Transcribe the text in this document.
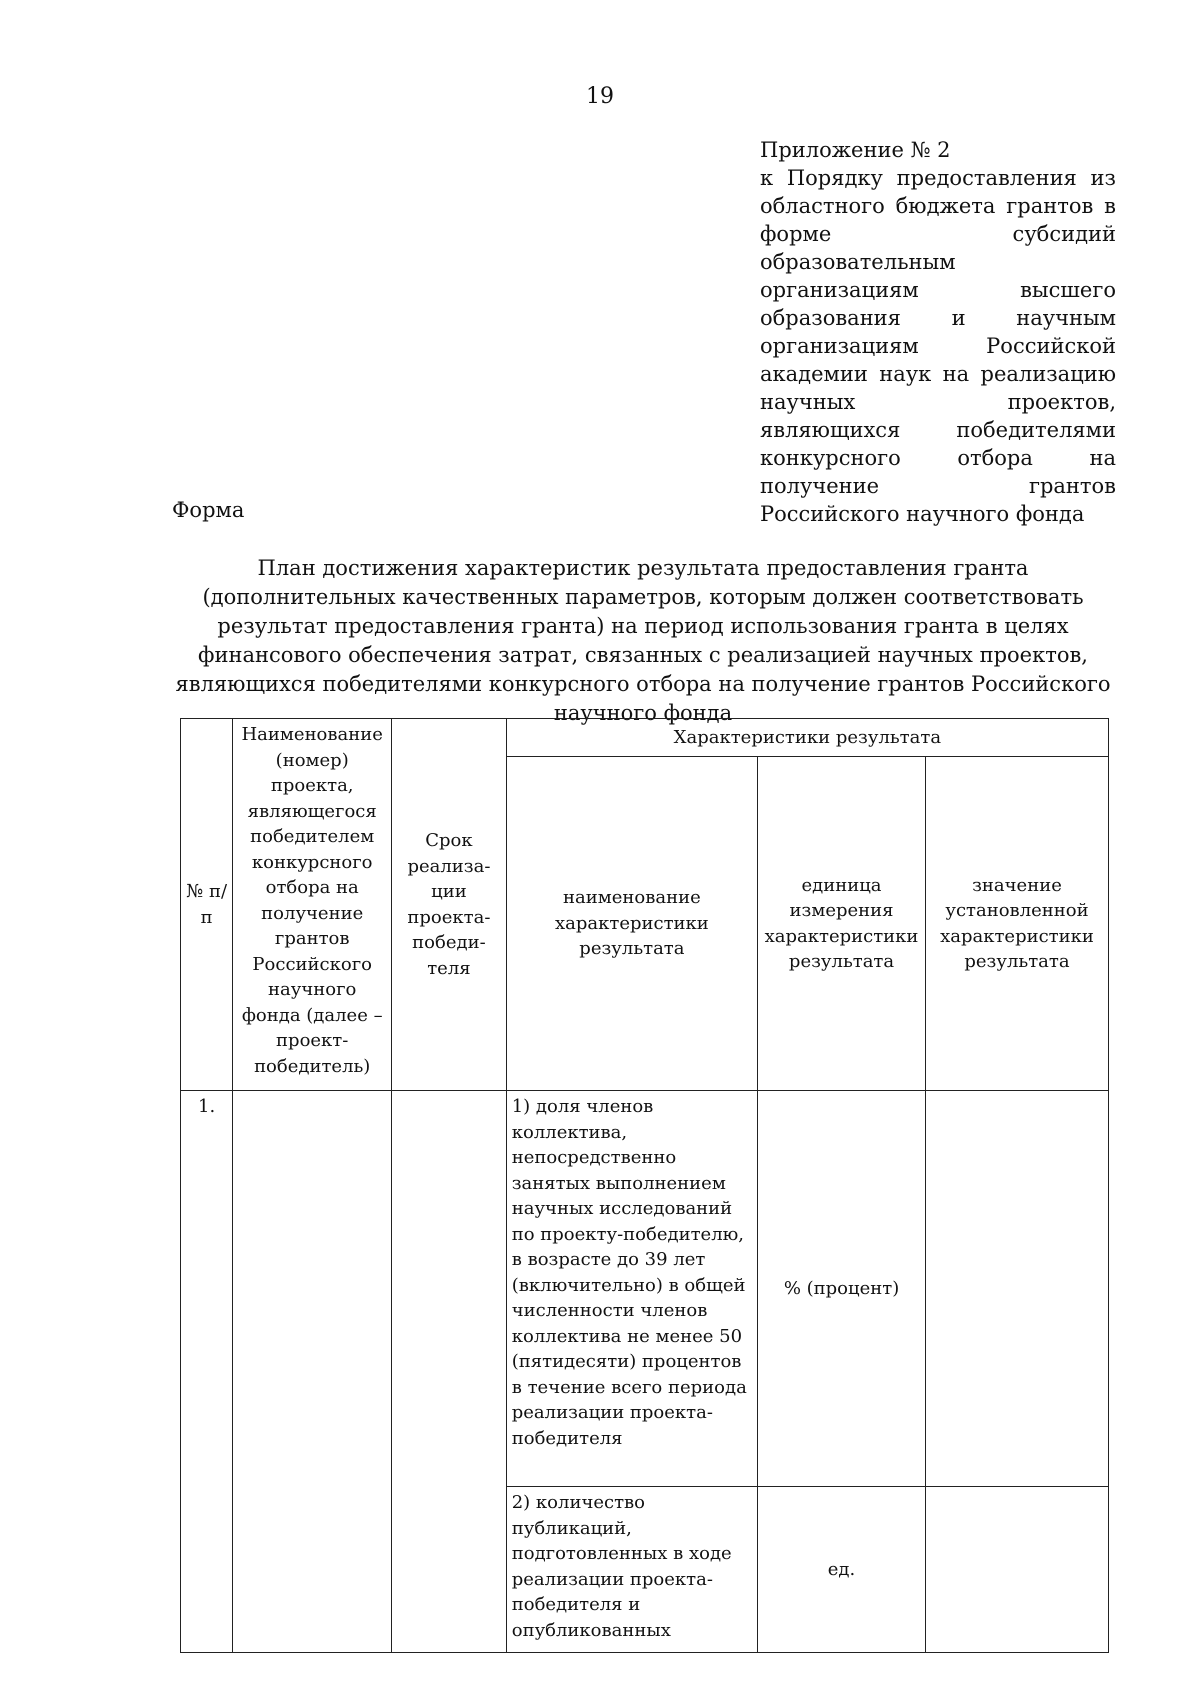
19
Приложение № 2
к Порядку предоставления из областного бюджета грантов в форме субсидий образовательным организациям высшего образования и научным организациям Российской академии наук на реализацию научных проектов, являющихся победителями конкурсного отбора на получение грантов Российского научного фонда
Форма
План достижения характеристик результата предоставления гранта (дополнительных качественных параметров, которым должен соответствовать результат предоставления гранта) на период использования гранта в целях финансового обеспечения затрат, связанных с реализацией научных проектов, являющихся победителями конкурсного отбора на получение грантов Российского научного фонда
№ п/п	Наименование (номер) проекта, являющегося победителем конкурсного отбора на получение грантов Российского научного фонда (далее – проект-победитель)	Срок реализа-ции проекта-победи-теля	Характеристики результата		
			наименование характеристики результата	единица измерения характеристики результата	значение установленной характеристики результата
1.			1) доля членов коллектива, непосредственно занятых выполнением научных исследований по проекту-победителю, в возрасте до 39 лет (включительно) в общей численности членов коллектива не менее 50 (пятидесяти) процентов в течение всего периода реализации проекта-победителя	% (процент)	
			2) количество публикаций, подготовленных в ходе реализации проекта-победителя и опубликованных	ед.	
